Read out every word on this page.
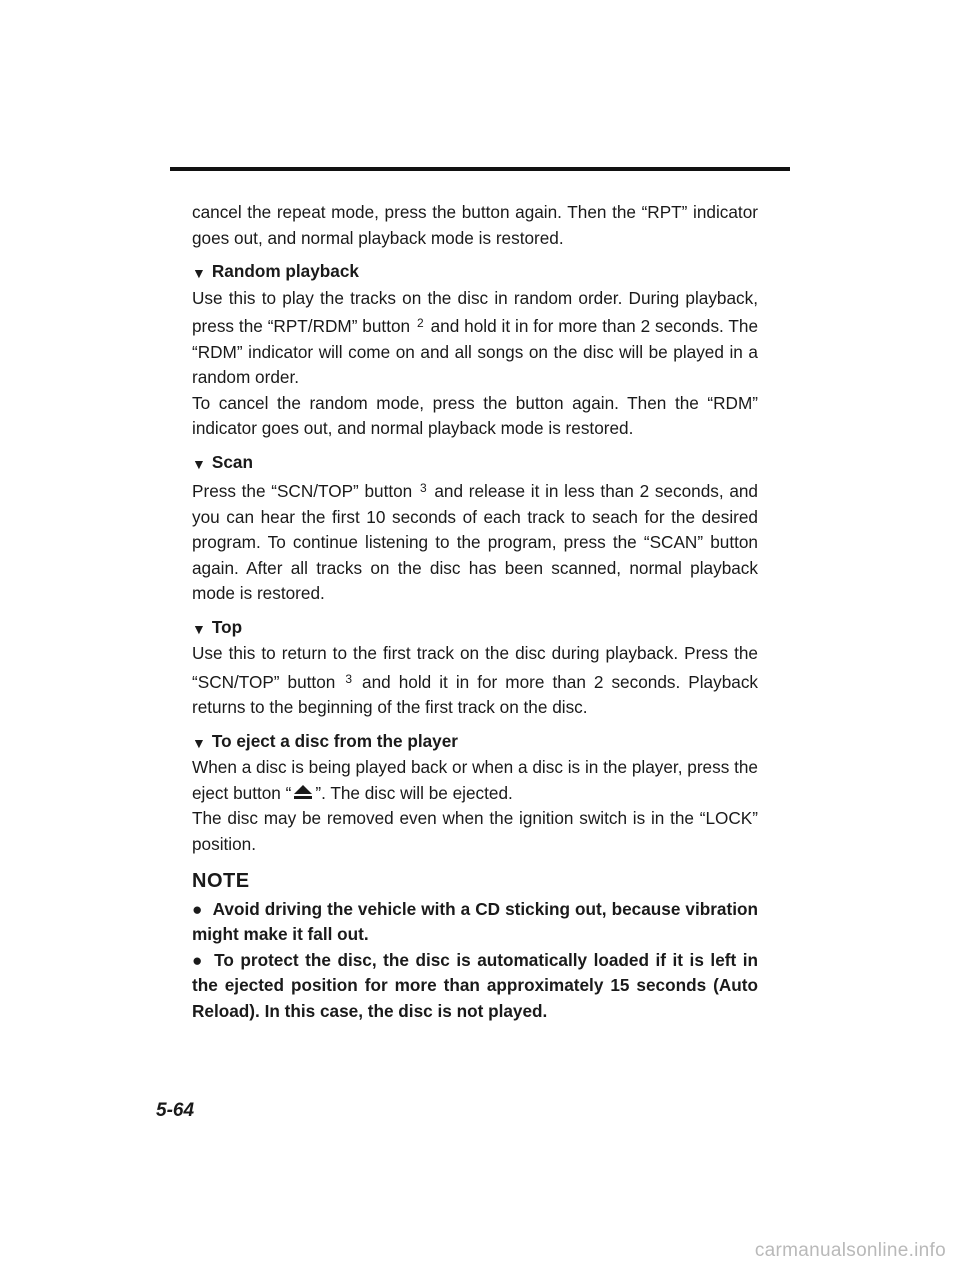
cancel the repeat mode, press the button again. Then the “RPT” indicator goes out, and normal playback mode is restored.

▼ Random playback

Use this to play the tracks on the disc in random order. During playback, press the “RPT/RDM” button $^2$ and hold it in for more than 2 seconds. The “RDM” indicator will come on and all songs on the disc will be played in a random order.

To cancel the random mode, press the button again. Then the “RDM” indicator goes out, and normal playback mode is restored.

▼ Scan

Press the “SCN/TOP” button $^3$ and release it in less than 2 seconds, and you can hear the first 10 seconds of each track to seach for the desired program. To continue listening to the program, press the “SCAN” button again. After all tracks on the disc has been scanned, normal playback mode is restored.

▼ Top

Use this to return to the first track on the disc during playback. Press the “SCN/TOP” button $^3$ and hold it in for more than 2 seconds. Playback returns to the beginning of the first track on the disc.

▼ To eject a disc from the player

When a disc is being played back or when a disc is in the player, press the eject button “ ”. The disc will be ejected.

The disc may be removed even when the ignition switch is in the “LOCK” position.

NOTE

● Avoid driving the vehicle with a CD sticking out, because vibration might make it fall out.

● To protect the disc, the disc is automatically loaded if it is left in the ejected position for more than approximately 15 seconds (Auto Reload). In this case, the disc is not played.

5-64
carmanualsonline.info
